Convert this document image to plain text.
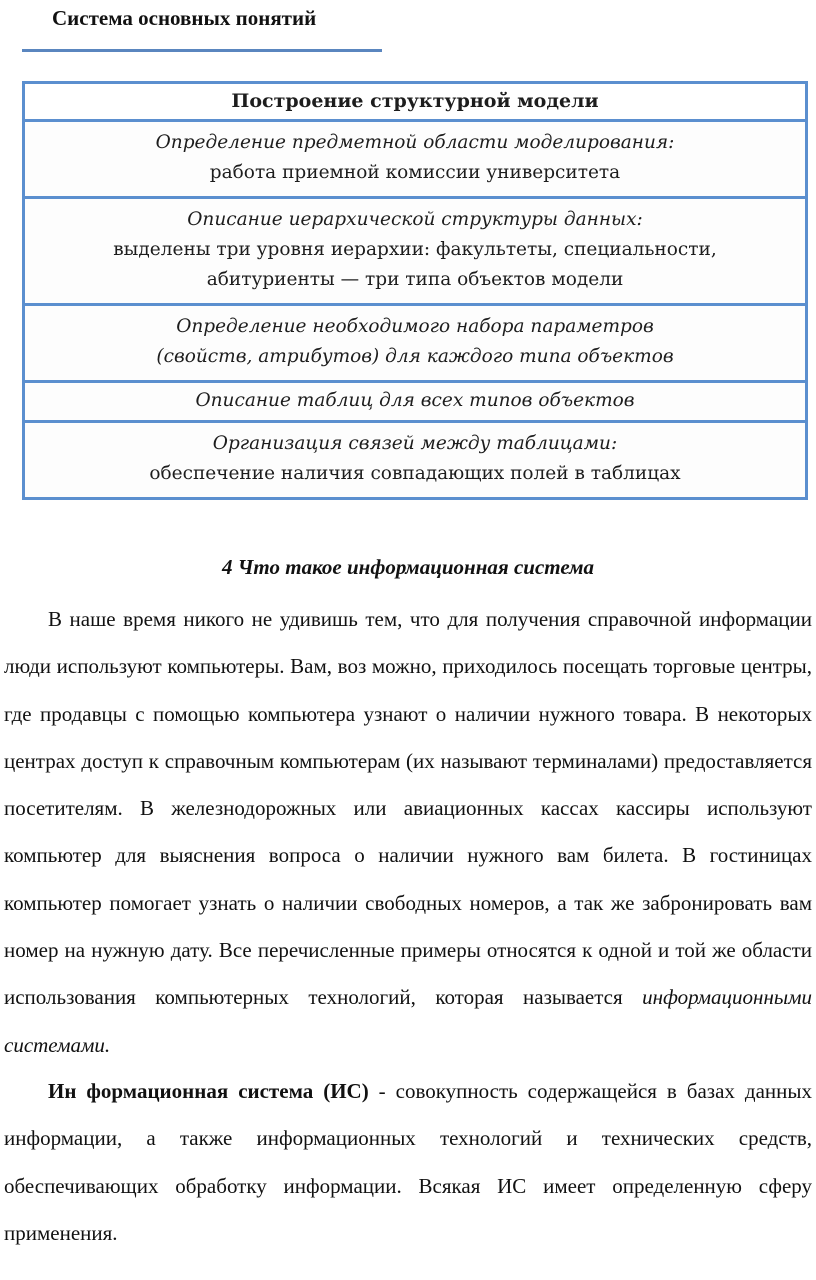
Система основных понятий
Построение структурной модели
Определение предметной области моделирования:
работа приемной комиссии университета
Описание иерархической структуры данных:
выделены три уровня иерархии: факультеты, специальности, абитуриенты — три типа объектов модели
Определение необходимого набора параметров (свойств, атрибутов) для каждого типа объектов
Описание таблиц для всех типов объектов
Организация связей между таблицами:
обеспечение наличия совпадающих полей в таблицах
4 Что такое информационная система
В наше время никого не удивишь тем, что для получения справочной информации люди используют компьютеры. Вам, воз можно, приходилось посещать торговые центры, где продавцы с помощью компьютера узнают о наличии нужного товара. В некоторых центрах доступ к справочным компьютерам (их называют терминалами) предоставляется посетителям. В железнодорожных или авиационных кассах кассиры используют компьютер для выяснения вопроса о наличии нужного вам билета. В гостиницах компьютер помогает узнать о наличии свободных номеров, а так же забронировать вам номер на нужную дату. Все перечисленные примеры относятся к одной и той же области использования компьютерных технологий, которая называется информационными системами.
Ин формационная система (ИС) - совокупность содержащейся в базах данных информации, а также информационных технологий и технических средств, обеспечивающих обработку информации. Всякая ИС имеет определенную сферу применения.
